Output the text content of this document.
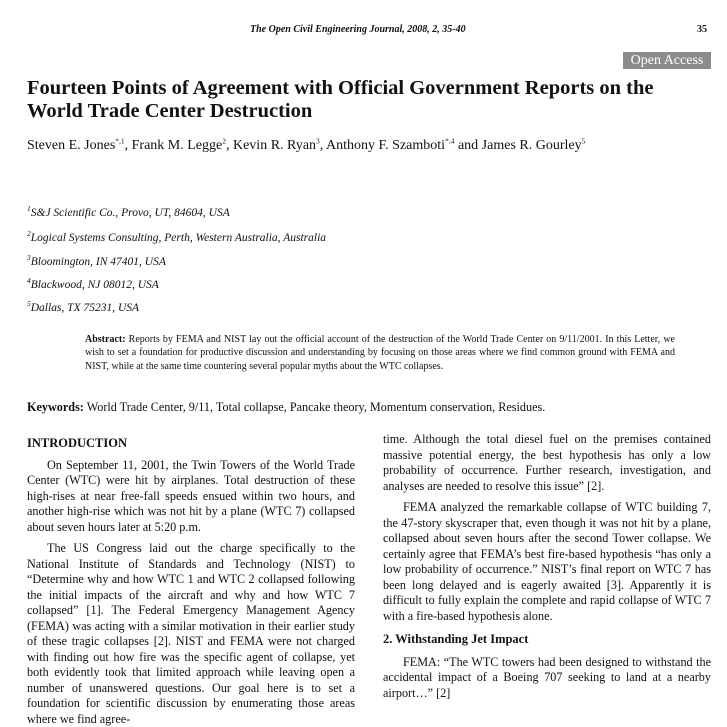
The Open Civil Engineering Journal, 2008, 2, 35-40	35
Open Access
Fourteen Points of Agreement with Official Government Reports on the World Trade Center Destruction
Steven E. Jones$^{*,1}$, Frank M. Legge$^2$, Kevin R. Ryan$^3$, Anthony F. Szamboti$^{*,4}$ and James R. Gourley$^5$
$^1$S&J Scientific Co., Provo, UT, 84604, USA
$^2$Logical Systems Consulting, Perth, Western Australia, Australia
$^3$Bloomington, IN 47401, USA
$^4$Blackwood, NJ 08012, USA
$^5$Dallas, TX 75231, USA
Abstract: Reports by FEMA and NIST lay out the official account of the destruction of the World Trade Center on 9/11/2001. In this Letter, we wish to set a foundation for productive discussion and understanding by focusing on those areas where we find common ground with FEMA and NIST, while at the same time countering several popular myths about the WTC collapses.
Keywords: World Trade Center, 9/11, Total collapse, Pancake theory, Momentum conservation, Residues.
INTRODUCTION

On September 11, 2001, the Twin Towers of the World Trade Center (WTC) were hit by airplanes. Total destruction of these high-rises at near free-fall speeds ensued within two hours, and another high-rise which was not hit by a plane (WTC 7) collapsed about seven hours later at 5:20 p.m.

The US Congress laid out the charge specifically to the National Institute of Standards and Technology (NIST) to “Determine why and how WTC 1 and WTC 2 collapsed following the initial impacts of the aircraft and why and how WTC 7 collapsed” [1]. The Federal Emergency Management Agency (FEMA) was acting with a similar motivation in their earlier study of these tragic collapses [2]. NIST and FEMA were not charged with finding out how fire was the specific agent of collapse, yet both evidently took that limited approach while leaving open a number of unanswered questions. Our goal here is to set a foundation for scientific discussion by enumerating those areas where we find agree-

time. Although the total diesel fuel on the premises contained massive potential energy, the best hypothesis has only a low probability of occurrence. Further research, investigation, and analyses are needed to resolve this issue” [2].

FEMA analyzed the remarkable collapse of WTC building 7, the 47-story skyscraper that, even though it was not hit by a plane, collapsed about seven hours after the second Tower collapse. We certainly agree that FEMA’s best fire-based hypothesis “has only a low probability of occurrence.” NIST’s final report on WTC 7 has been long delayed and is eagerly awaited [3]. Apparently it is difficult to fully explain the complete and rapid collapse of WTC 7 with a fire-based hypothesis alone.

2. Withstanding Jet Impact

FEMA: “The WTC towers had been designed to withstand the accidental impact of a Boeing 707 seeking to land at a nearby airport…” [2]
